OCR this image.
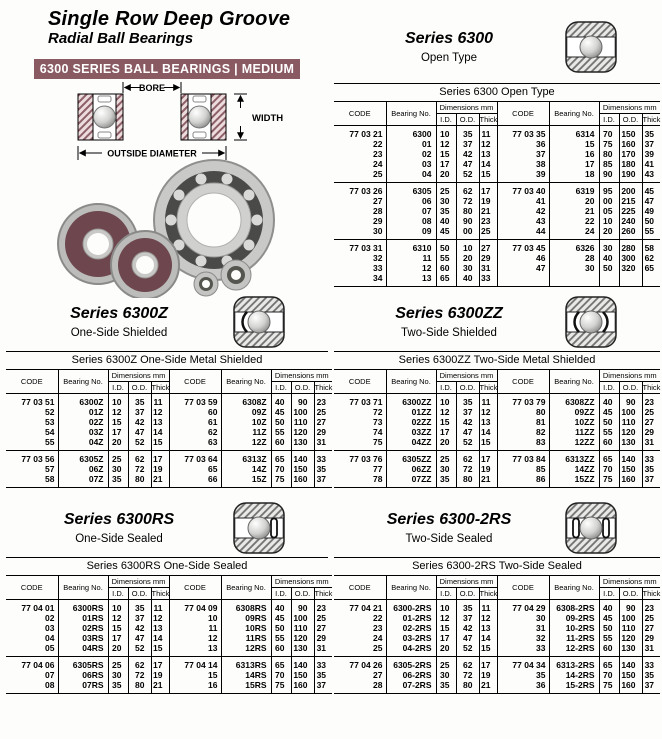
Single Row Deep Groove
Radial Ball Bearings
6300 SERIES BALL BEARINGS | MEDIUM
BORE
WIDTH
OUTSIDE DIAMETER
Series 6300
Open Type
Series 6300 Open Type
CODE	Bearing No.	Dimensions mm			CODE	Bearing No.	Dimensions mm		
		I.D.	O.D.	Thick			I.D.	O.D.	Thick
77 03 21	6300	10	35	11	77 03 35	6314	70	150	35
22	01	12	37	12	36	15	75	160	37
23	02	15	42	13	37	16	80	170	39
24	03	17	47	14	38	17	85	180	41
25	04	20	52	15	39	18	90	190	43
77 03 26	6305	25	62	17	77 03 40	6319	95	200	45
27	06	30	72	19	41	20	00	215	47
28	07	35	80	21	42	21	05	225	49
29	08	40	90	23	43	22	10	240	50
30	09	45	00	25	44	24	20	260	55
77 03 31	6310	50	10	27	77 03 45	6326	30	280	58
32	11	55	20	29	46	28	40	300	62
33	12	60	30	31	47	30	50	320	65
34	13	65	40	33					
Series 6300Z
One-Side Shielded
Series 6300Z One-Side Metal Shielded
CODE	Bearing No.	Dimensions mm			CODE	Bearing No.	Dimensions mm		
		I.D.	O.D.	Thick			I.D.	O.D.	Thick
77 03 51	6300Z	10	35	11	77 03 59	6308Z	40	90	23
52	01Z	12	37	12	60	09Z	45	100	25
53	02Z	15	42	13	61	10Z	50	110	27
54	03Z	17	47	14	62	11Z	55	120	29
55	04Z	20	52	15	63	12Z	60	130	31
77 03 56	6305Z	25	62	17	77 03 64	6313Z	65	140	33
57	06Z	30	72	19	65	14Z	70	150	35
58	07Z	35	80	21	66	15Z	75	160	37
Series 6300ZZ
Two-Side Shielded
Series 6300ZZ Two-Side Metal Shielded
CODE	Bearing No.	Dimensions mm			CODE	Bearing No.	Dimensions mm		
		I.D.	O.D.	Thick			I.D.	O.D.	Thick
77 03 71	6300ZZ	10	35	11	77 03 79	6308ZZ	40	90	23
72	01ZZ	12	37	12	80	09ZZ	45	100	25
73	02ZZ	15	42	13	81	10ZZ	50	110	27
74	03ZZ	17	47	14	82	11ZZ	55	120	29
75	04ZZ	20	52	15	83	12ZZ	60	130	31
77 03 76	6305ZZ	25	62	17	77 03 84	6313ZZ	65	140	33
77	06ZZ	30	72	19	85	14ZZ	70	150	35
78	07ZZ	35	80	21	86	15ZZ	75	160	37
Series 6300RS
One-Side Sealed
Series 6300RS One-Side Sealed
CODE	Bearing No.	Dimensions mm			CODE	Bearing No.	Dimensions mm		
		I.D.	O.D.	Thick			I.D.	O.D.	Thick
77 04 01	6300RS	10	35	11	77 04 09	6308RS	40	90	23
02	01RS	12	37	12	10	09RS	45	100	25
03	02RS	15	42	13	11	10RS	50	110	27
04	03RS	17	47	14	12	11RS	55	120	29
05	04RS	20	52	15	13	12RS	60	130	31
77 04 06	6305RS	25	62	17	77 04 14	6313RS	65	140	33
07	06RS	30	72	19	15	14RS	70	150	35
08	07RS	35	80	21	16	15RS	75	160	37
Series 6300-2RS
Two-Side Sealed
Series 6300-2RS Two-Side Sealed
CODE	Bearing No.	Dimensions mm			CODE	Bearing No.	Dimensions mm		
		I.D.	O.D.	Thick			I.D.	O.D.	Thick
77 04 21	6300-2RS	10	35	11	77 04 29	6308-2RS	40	90	23
22	01-2RS	12	37	12	30	09-2RS	45	100	25
23	02-2RS	15	42	13	31	10-2RS	50	110	27
24	03-2RS	17	47	14	32	11-2RS	55	120	29
25	04-2RS	20	52	15	33	12-2RS	60	130	31
77 04 26	6305-2RS	25	62	17	77 04 34	6313-2RS	65	140	33
27	06-2RS	30	72	19	35	14-2RS	70	150	35
28	07-2RS	35	80	21	36	15-2RS	75	160	37
